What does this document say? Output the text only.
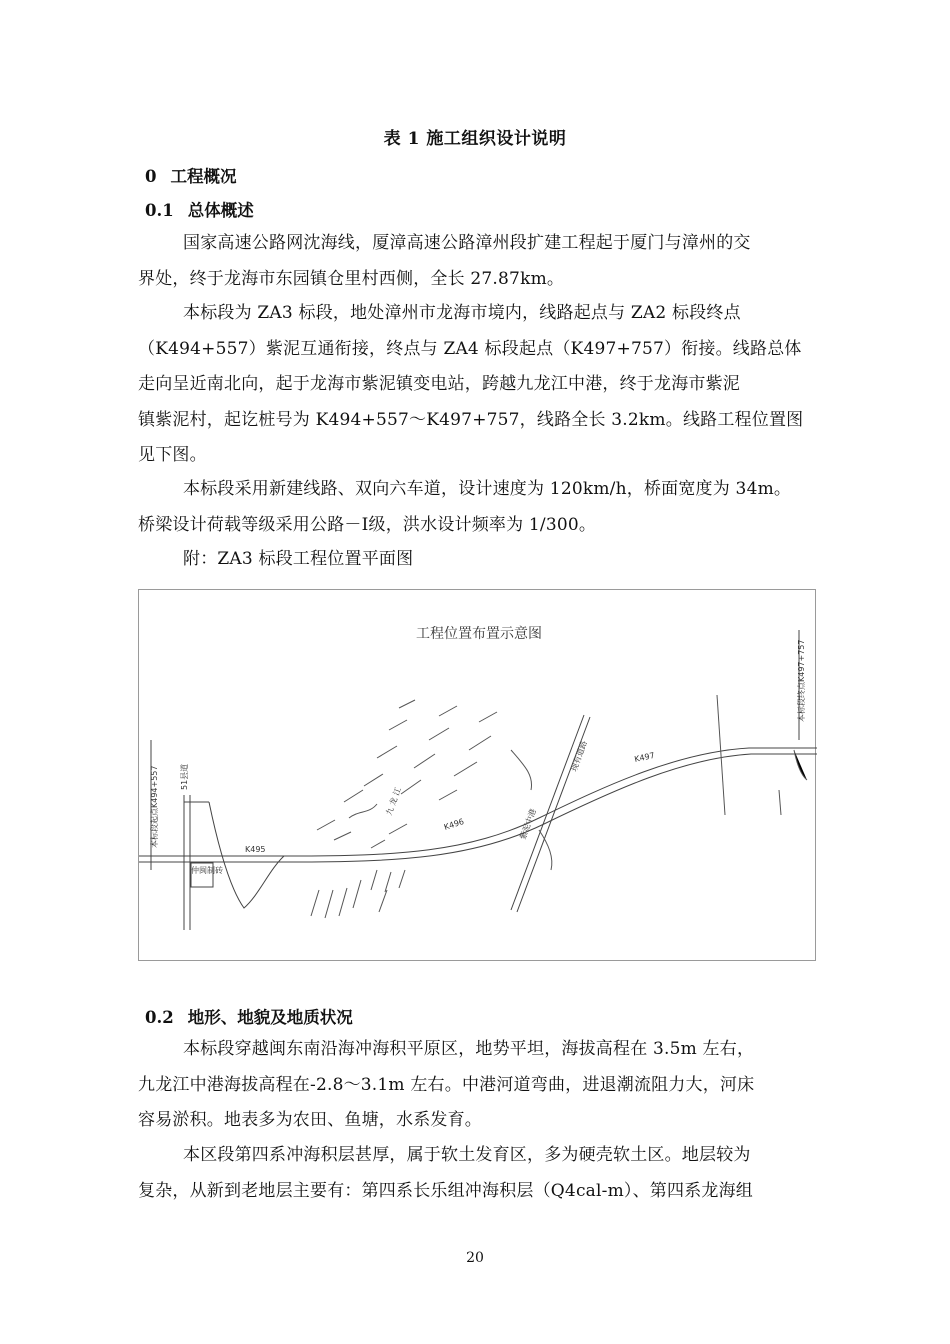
表 1 施工组织设计说明
0 工程概况
0.1 总体概述
国家高速公路网沈海线，厦漳高速公路漳州段扩建工程起于厦门与漳州的交
界处，终于龙海市东园镇仓里村西侧，全长 27.87km。
本标段为 ZA3 标段，地处漳州市龙海市境内，线路起点与 ZA2 标段终点
（K494+557）紫泥互通衔接，终点与 ZA4 标段起点（K497+757）衔接。线路总体
走向呈近南北向，起于龙海市紫泥镇变电站，跨越九龙江中港，终于龙海市紫泥
镇紫泥村，起讫桩号为 K494+557～K497+757，线路全长 3.2km。线路工程位置图
见下图。
本标段采用新建线路、双向六车道，设计速度为 120km/h，桥面宽度为 34m。
桥梁设计荷载等级采用公路－Ⅰ级，洪水设计频率为 1/300。
附：ZA3 标段工程位置平面图
工程位置布置示意图
本标段起点K494+557	51县道
本标段终点K497+757
K495
K496
K497
九 龙 江
仲闽制砖
现有道路
紫泥中港
0.2 地形、地貌及地质状况
本标段穿越闽东南沿海冲海积平原区，地势平坦，海拔高程在 3.5m 左右，
九龙江中港海拔高程在-2.8～3.1m 左右。中港河道弯曲，进退潮流阻力大，河床
容易淤积。地表多为农田、鱼塘，水系发育。
本区段第四系冲海积层甚厚，属于软土发育区，多为硬壳软土区。地层较为
复杂，从新到老地层主要有：第四系长乐组冲海积层（Q4cal-m）、第四系龙海组
20
